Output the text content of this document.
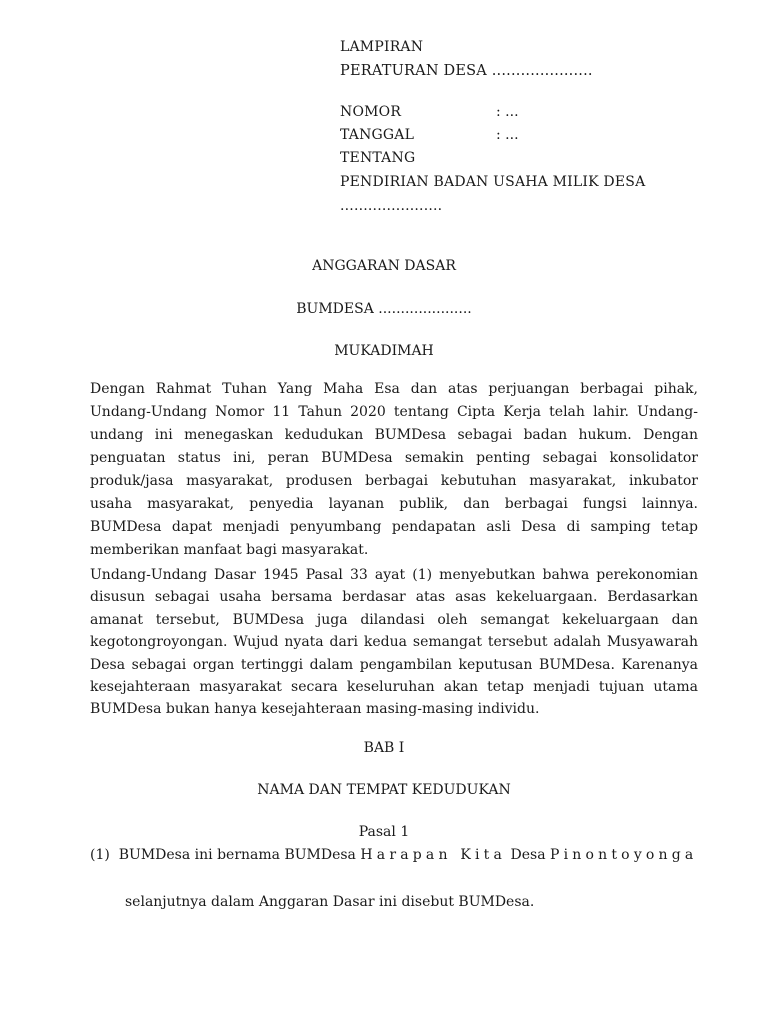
LAMPIRAN
PERATURAN DESA .....................
NOMOR	: ...
TANGGAL	: ...
TENTANG
PENDIRIAN BADAN USAHA MILIK DESA
......................
ANGGARAN DASAR
BUMDESA .....................
MUKADIMAH
Dengan Rahmat Tuhan Yang Maha Esa dan atas perjuangan berbagai pihak,
Undang-Undang Nomor 11 Tahun 2020 tentang Cipta Kerja telah lahir. Undang-
undang ini menegaskan kedudukan BUMDesa sebagai badan hukum. Dengan
penguatan status ini, peran BUMDesa semakin penting sebagai konsolidator
produk/jasa masyarakat, produsen berbagai kebutuhan masyarakat, inkubator
usaha masyarakat, penyedia layanan publik, dan berbagai fungsi lainnya.
BUMDesa dapat menjadi penyumbang pendapatan asli Desa di samping tetap
memberikan manfaat bagi masyarakat.
Undang-Undang Dasar 1945 Pasal 33 ayat (1) menyebutkan bahwa perekonomian
disusun sebagai usaha bersama berdasar atas asas kekeluargaan. Berdasarkan
amanat tersebut, BUMDesa juga dilandasi oleh semangat kekeluargaan dan
kegotongroyongan. Wujud nyata dari kedua semangat tersebut adalah Musyawarah
Desa sebagai organ tertinggi dalam pengambilan keputusan BUMDesa. Karenanya
kesejahteraan masyarakat secara keseluruhan akan tetap menjadi tujuan utama
BUMDesa bukan hanya kesejahteraan masing-masing individu.
BAB I
NAMA DAN TEMPAT KEDUDUKAN
Pasal 1
(1)  BUMDesa ini bernama BUMDesa Harapan Kita Desa Pinontoyonga
selanjutnya dalam Anggaran Dasar ini disebut BUMDesa.
